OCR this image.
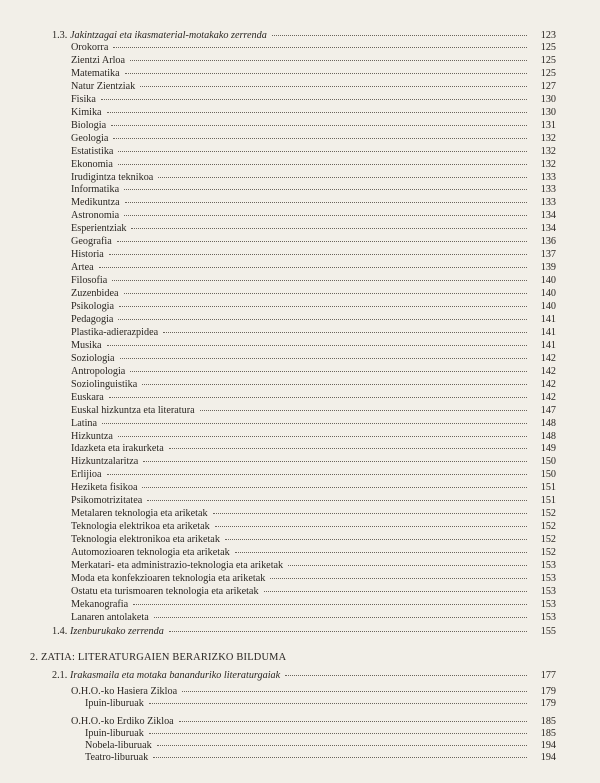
1.3. Jakintzagai eta ikasmaterial-motakako zerrenda	123
Orokorra	125
Zientzi Arloa	125
Matematika	125
Natur Zientziak	127
Fisika	130
Kimika	130
Biologia	131
Geologia	132
Estatistika	132
Ekonomia	132
Irudigintza teknikoa	133
Informatika	133
Medikuntza	133
Astronomia	134
Esperientziak	134
Geografia	136
Historia	137
Artea	139
Filosofia	140
Zuzenbidea	140
Psikologia	140
Pedagogia	141
Plastika-adierazpidea	141
Musika	141
Soziologia	142
Antropologia	142
Soziolinguistika	142
Euskara	142
Euskal hizkuntza eta literatura	147
Latina	148
Hizkuntza	148
Idazketa eta irakurketa	149
Hizkuntzalaritza	150
Erlijioa	150
Heziketa fisikoa	151
Psikomotrizitatea	151
Metalaren teknologia eta ariketak	152
Teknologia elektrikoa eta ariketak	152
Teknologia elektronikoa eta ariketak	152
Automozioaren teknologia eta ariketak	152
Merkatari- eta administrazio-teknologia eta ariketak	153
Moda eta konfekzioaren teknologia eta ariketak	153
Ostatu eta turismoaren teknologia eta ariketak	153
Mekanografia	153
Lanaren antolaketa	153
1.4. Izenburukako zerrenda	155
2. ZATIA: LITERATURGAIEN BERARIZKO BILDUMA
2.1. Irakasmaila eta motaka bananduriko literaturgaiak	177
O.H.O.-ko Hasiera Zikloa	179
Ipuin-liburuak	179
O.H.O.-ko Erdiko Zikloa	185
Ipuin-liburuak	185
Nobela-liburuak	194
Teatro-liburuak	194
